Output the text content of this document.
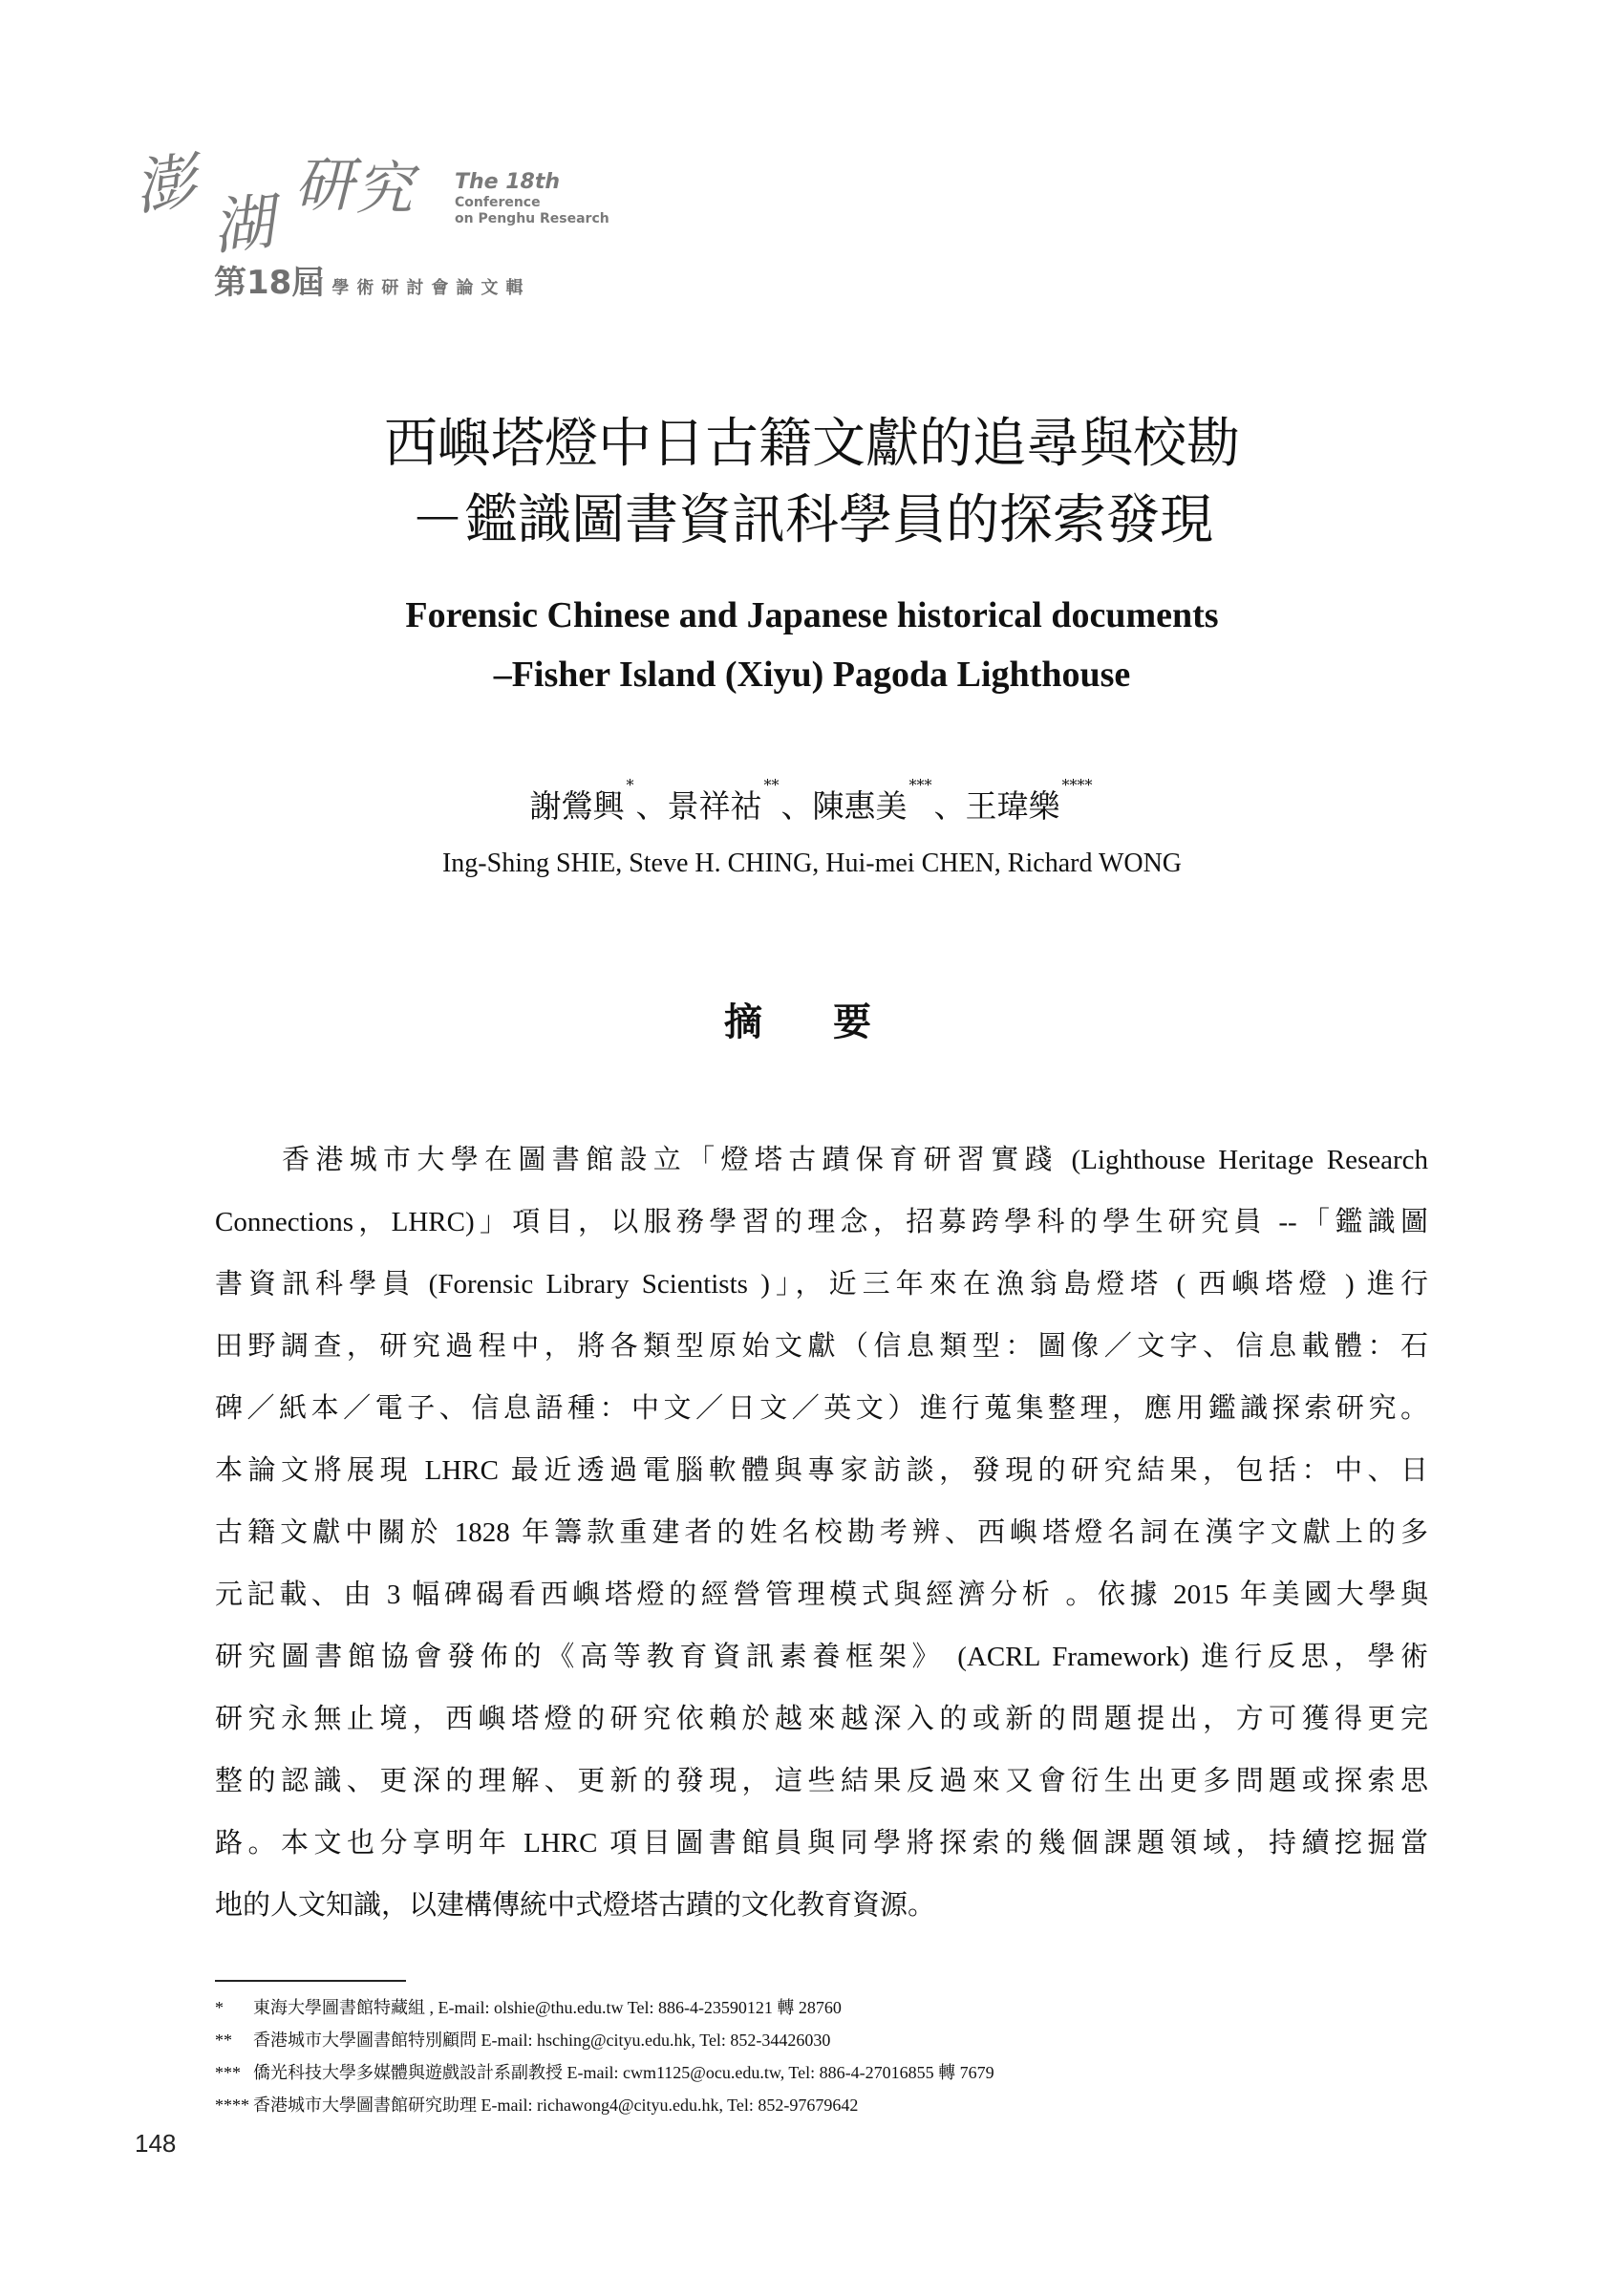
澎
湖
研 究 The 18th
Conference
on Penghu Research
第18屆 學術研討會論文輯
西嶼塔燈中日古籍文獻的追尋與校勘
－鑑識圖書資訊科學員的探索發現
Forensic Chinese and Japanese historical documents
–Fisher Island (Xiyu) Pagoda Lighthouse
謝鶯興*、景祥祜**、陳惠美***、王瑋樂****
Ing-Shing SHIE, Steve H. CHING, Hui-mei CHEN, Richard WONG
摘 要
香港城市大學在圖書館設立「燈塔古蹟保育研習實踐 (Lighthouse Heritage Research
Connections，LHRC)」項目，以服務學習的理念，招募跨學科的學生研究員 --「鑑識圖
書資訊科學員 (Forensic Library Scientists )」，近三年來在漁翁島燈塔 ( 西嶼塔燈 ) 進行
田野調查，研究過程中，將各類型原始文獻（信息類型：圖像／文字、信息載體：石
碑／紙本／電子、信息語種：中文／日文／英文）進行蒐集整理，應用鑑識探索研究。
本論文將展現 LHRC 最近透過電腦軟體與專家訪談，發現的研究結果，包括：中、日
古籍文獻中關於 1828 年籌款重建者的姓名校勘考辨、西嶼塔燈名詞在漢字文獻上的多
元記載、由 3 幅碑碣看西嶼塔燈的經營管理模式與經濟分析 。依據 2015 年美國大學與
研究圖書館協會發佈的《高等教育資訊素養框架》 (ACRL Framework) 進行反思，學術
研究永無止境，西嶼塔燈的研究依賴於越來越深入的或新的問題提出，方可獲得更完
整的認識、更深的理解、更新的發現，這些結果反過來又會衍生出更多問題或探索思
路。本文也分享明年 LHRC 項目圖書館員與同學將探索的幾個課題領域，持續挖掘當
地的人文知識，以建構傳統中式燈塔古蹟的文化教育資源。
* 東海大學圖書館特藏組 , E-mail: olshie@thu.edu.tw Tel: 886-4-23590121 轉 28760
** 香港城市大學圖書館特別顧問 E-mail: hsching@cityu.edu.hk, Tel: 852-34426030
*** 僑光科技大學多媒體與遊戲設計系副教授 E-mail: cwm1125@ocu.edu.tw, Tel: 886-4-27016855 轉 7679
**** 香港城市大學圖書館研究助理 E-mail: richawong4@cityu.edu.hk, Tel: 852-97679642
148
